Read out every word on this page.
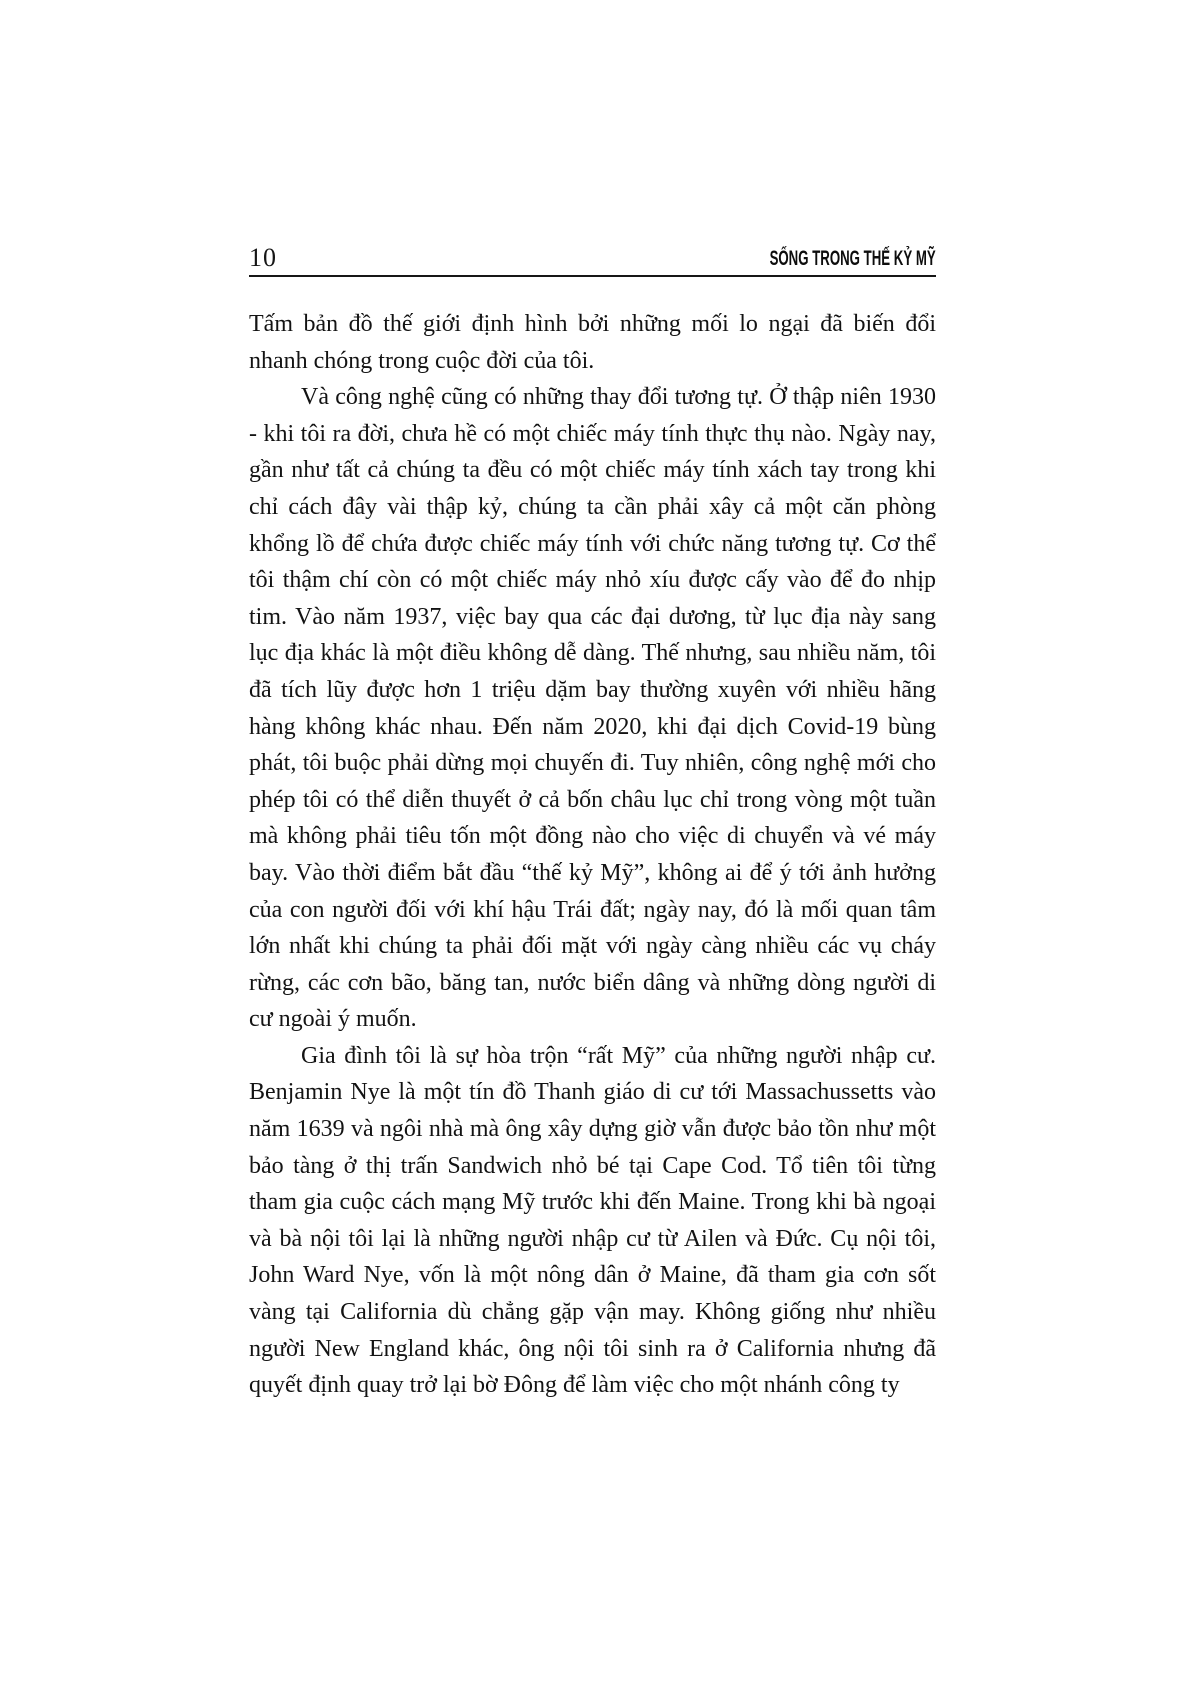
10	SỐNG TRONG THẾ KỶ MỸ

Tấm bản đồ thế giới định hình bởi những mối lo ngại đã biến đổi nhanh chóng trong cuộc đời của tôi.

Và công nghệ cũng có những thay đổi tương tự. Ở thập niên 1930 - khi tôi ra đời, chưa hề có một chiếc máy tính thực thụ nào. Ngày nay, gần như tất cả chúng ta đều có một chiếc máy tính xách tay trong khi chỉ cách đây vài thập kỷ, chúng ta cần phải xây cả một căn phòng khổng lồ để chứa được chiếc máy tính với chức năng tương tự. Cơ thể tôi thậm chí còn có một chiếc máy nhỏ xíu được cấy vào để đo nhịp tim. Vào năm 1937, việc bay qua các đại dương, từ lục địa này sang lục địa khác là một điều không dễ dàng. Thế nhưng, sau nhiều năm, tôi đã tích lũy được hơn 1 triệu dặm bay thường xuyên với nhiều hãng hàng không khác nhau. Đến năm 2020, khi đại dịch Covid-19 bùng phát, tôi buộc phải dừng mọi chuyến đi. Tuy nhiên, công nghệ mới cho phép tôi có thể diễn thuyết ở cả bốn châu lục chỉ trong vòng một tuần mà không phải tiêu tốn một đồng nào cho việc di chuyển và vé máy bay. Vào thời điểm bắt đầu “thế kỷ Mỹ”, không ai để ý tới ảnh hưởng của con người đối với khí hậu Trái đất; ngày nay, đó là mối quan tâm lớn nhất khi chúng ta phải đối mặt với ngày càng nhiều các vụ cháy rừng, các cơn bão, băng tan, nước biển dâng và những dòng người di cư ngoài ý muốn.

Gia đình tôi là sự hòa trộn “rất Mỹ” của những người nhập cư. Benjamin Nye là một tín đồ Thanh giáo di cư tới Massachussetts vào năm 1639 và ngôi nhà mà ông xây dựng giờ vẫn được bảo tồn như một bảo tàng ở thị trấn Sandwich nhỏ bé tại Cape Cod. Tổ tiên tôi từng tham gia cuộc cách mạng Mỹ trước khi đến Maine. Trong khi bà ngoại và bà nội tôi lại là những người nhập cư từ Ailen và Đức. Cụ nội tôi, John Ward Nye, vốn là một nông dân ở Maine, đã tham gia cơn sốt vàng tại California dù chẳng gặp vận may. Không giống như nhiều người New England khác, ông nội tôi sinh ra ở California nhưng đã quyết định quay trở lại bờ Đông để làm việc cho một nhánh công ty
